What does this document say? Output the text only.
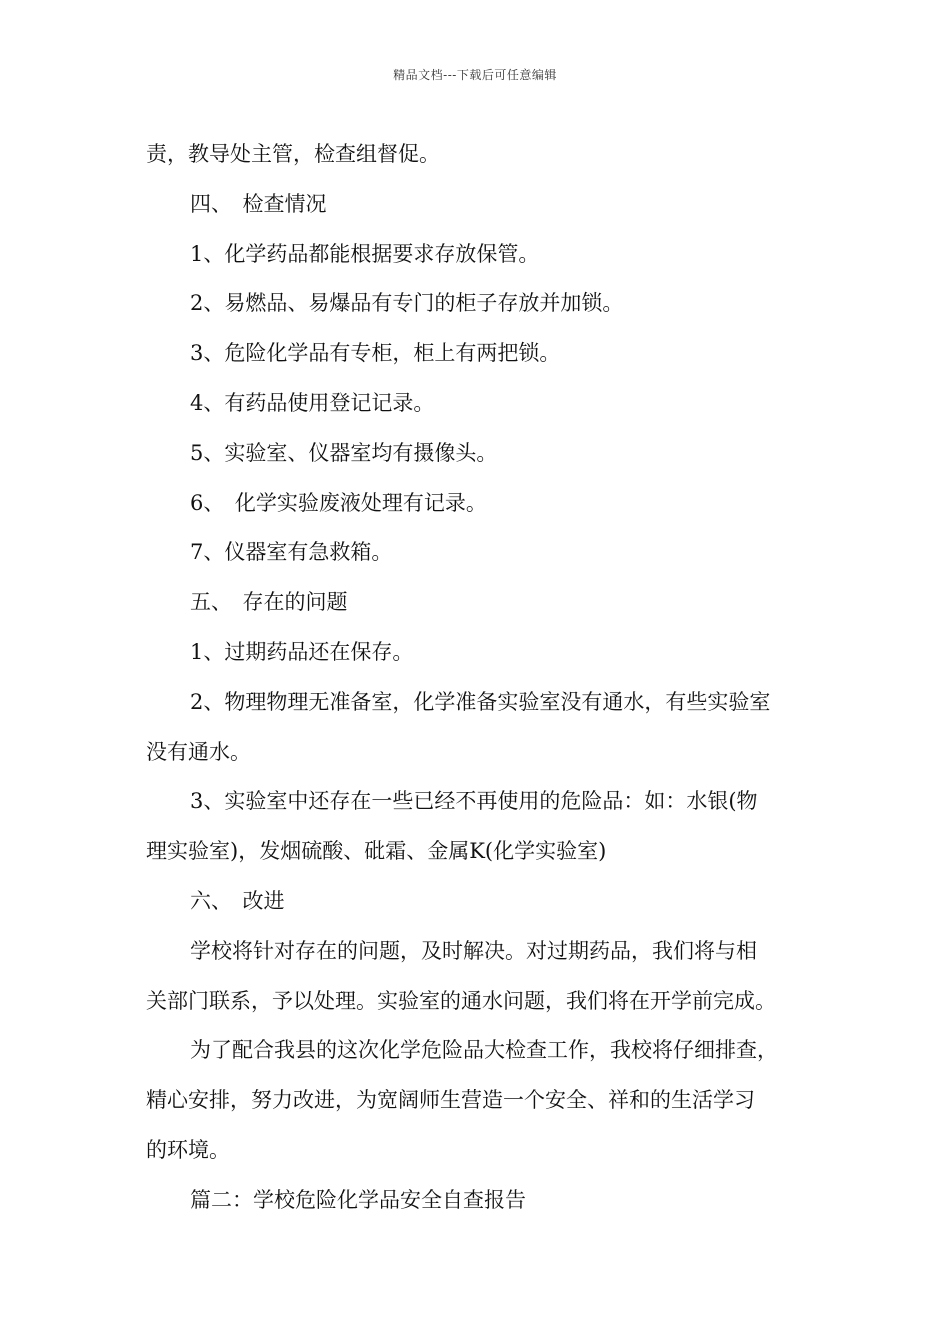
精品文档---下载后可任意编辑
责，教导处主管，检查组督促。
四、　检查情况
1、化学药品都能根据要求存放保管。
2、易燃品、易爆品有专门的柜子存放并加锁。
3、危险化学品有专柜，柜上有两把锁。
4、有药品使用登记记录。
5、实验室、仪器室均有摄像头。
6、　化学实验废液处理有记录。
7、仪器室有急救箱。
五、　存在的问题
1、过期药品还在保存。
2、物理物理无准备室，化学准备实验室没有通水，有些实验室
没有通水。
3、实验室中还存在一些已经不再使用的危险品：如：水银(物
理实验室)，发烟硫酸、砒霜、金属K(化学实验室)
六、　改进
学校将针对存在的问题，及时解决。对过期药品，我们将与相
关部门联系，予以处理。实验室的通水问题，我们将在开学前完成。
为了配合我县的这次化学危险品大检查工作，我校将仔细排查，
精心安排，努力改进，为宽阔师生营造一个安全、祥和的生活学习
的环境。
篇二：学校危险化学品安全自查报告
